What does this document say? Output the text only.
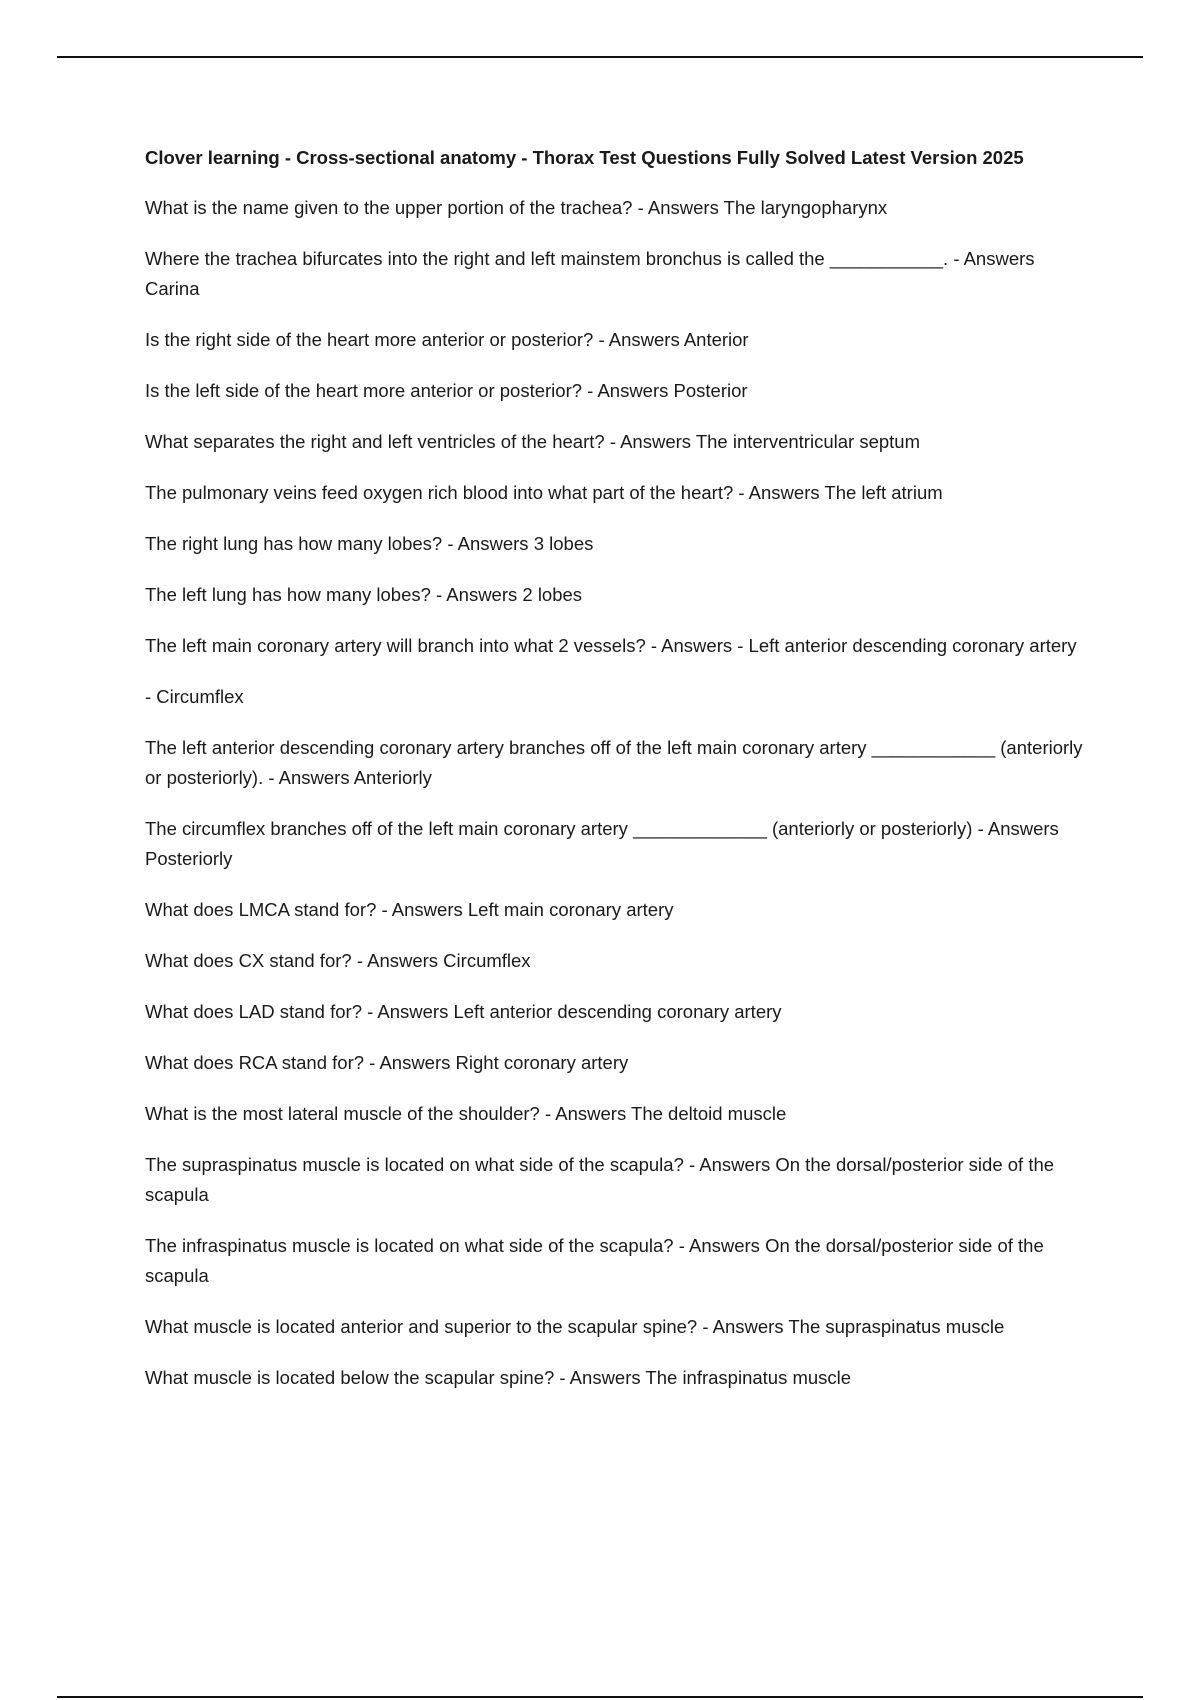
Clover learning - Cross-sectional anatomy - Thorax Test Questions Fully Solved Latest Version 2025
What is the name given to the upper portion of the trachea? - Answers The laryngopharynx
Where the trachea bifurcates into the right and left mainstem bronchus is called the ___________. - Answers Carina
Is the right side of the heart more anterior or posterior? - Answers Anterior
Is the left side of the heart more anterior or posterior? - Answers Posterior
What separates the right and left ventricles of the heart? - Answers The interventricular septum
The pulmonary veins feed oxygen rich blood into what part of the heart? - Answers The left atrium
The right lung has how many lobes? - Answers 3 lobes
The left lung has how many lobes? - Answers 2 lobes
The left main coronary artery will branch into what 2 vessels? - Answers - Left anterior descending coronary artery
- Circumflex
The left anterior descending coronary artery branches off of the left main coronary artery ____________ (anteriorly or posteriorly). - Answers Anteriorly
The circumflex branches off of the left main coronary artery _____________ (anteriorly or posteriorly) - Answers Posteriorly
What does LMCA stand for? - Answers Left main coronary artery
What does CX stand for? - Answers Circumflex
What does LAD stand for? - Answers Left anterior descending coronary artery
What does RCA stand for? - Answers Right coronary artery
What is the most lateral muscle of the shoulder? - Answers The deltoid muscle
The supraspinatus muscle is located on what side of the scapula? - Answers On the dorsal/posterior side of the scapula
The infraspinatus muscle is located on what side of the scapula? - Answers On the dorsal/posterior side of the scapula
What muscle is located anterior and superior to the scapular spine? - Answers The supraspinatus muscle
What muscle is located below the scapular spine? - Answers The infraspinatus muscle
